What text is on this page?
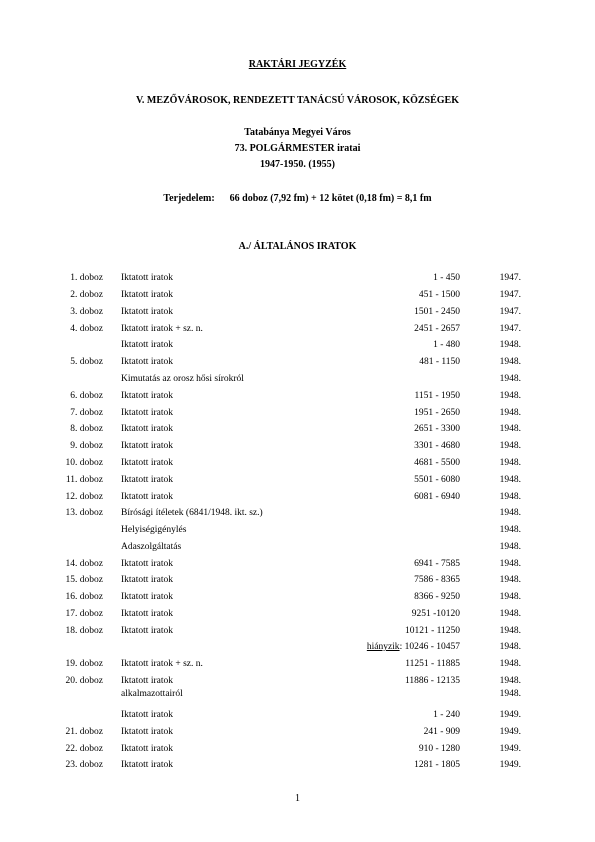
RAKTÁRI JEGYZÉK
V. MEZŐVÁROSOK, RENDEZETT TANÁCSÚ VÁROSOK, KÖZSÉGEK
Tatabánya Megyei Város
73. POLGÁRMESTER iratai
1947-1950. (1955)
Terjedelem: 66 doboz (7,92 fm) + 12 kötet (0,18 fm) = 8,1 fm
A./ ÁLTALÁNOS IRATOK
1. doboz Iktatott iratok	1 - 450	1947.
2. doboz Iktatott iratok	451 - 1500	1947.
3. doboz Iktatott iratok	1501 - 2450	1947.
4. doboz Iktatott iratok + sz. n.	2451 - 2657	1947.
Iktatott iratok	1 - 480	1948.
5. doboz Iktatott iratok	481 - 1150	1948.
Kimutatás az orosz hősi sírokról	1948.
6. doboz Iktatott iratok	1151 - 1950	1948.
7. doboz Iktatott iratok	1951 - 2650	1948.
8. doboz Iktatott iratok	2651 - 3300	1948.
9. doboz Iktatott iratok	3301 - 4680	1948.
10. doboz Iktatott iratok	4681 - 5500	1948.
11. doboz Iktatott iratok	5501 - 6080	1948.
12. doboz Iktatott iratok	6081 - 6940	1948.
13. doboz Bírósági ítéletek (6841/1948. ikt. sz.)	1948.
Helyiségigénylés	1948.
Adaszolgáltatás	1948.
14. doboz Iktatott iratok	6941 - 7585	1948.
15. doboz Iktatott iratok	7586 - 8365	1948.
16. doboz Iktatott iratok	8366 - 9250	1948.
17. doboz Iktatott iratok	9251 -10120	1948.
18. doboz Iktatott iratok	10121 - 11250	1948.
hiányzik: 10246 - 10457	1948.
19. doboz Iktatott iratok + sz. n.	11251 - 11885	1948.
20. doboz Iktatott iratok	11886 - 12135	1948.
alkalmazottairól	1948.
Iktatott iratok	1 - 240	1949.
21. doboz Iktatott iratok	241 - 909	1949.
22. doboz Iktatott iratok	910 - 1280	1949.
23. doboz Iktatott iratok	1281 - 1805	1949.
1
